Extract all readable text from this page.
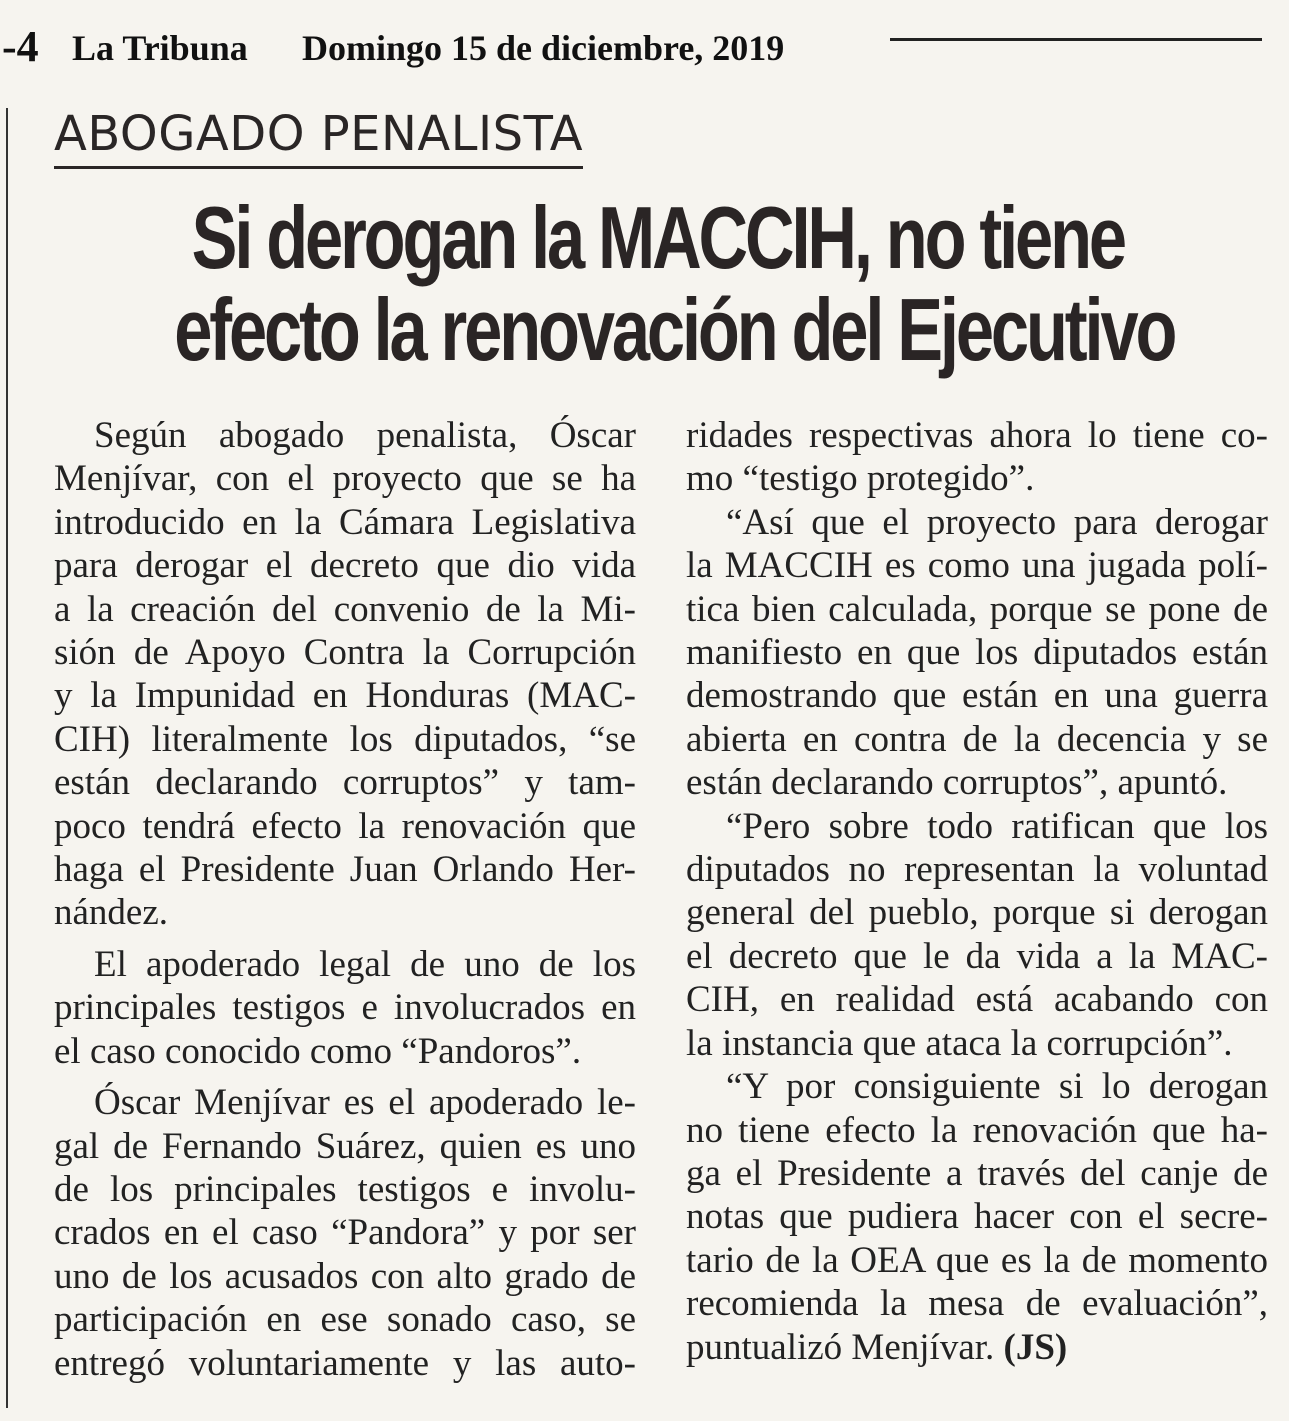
-4 La Tribuna Domingo 15 de diciembre, 2019
ABOGADO PENALISTA
Si derogan la MACCIH, no tiene
efecto la renovación del Ejecutivo
Según abogado penalista, Óscar
Menjívar, con el proyecto que se ha
introducido en la Cámara Legislativa
para derogar el decreto que dio vida
a la creación del convenio de la Mi-
sión de Apoyo Contra la Corrupción
y la Impunidad en Honduras (MAC-
CIH) literalmente los diputados, “se
están declarando corruptos” y tam-
poco tendrá efecto la renovación que
haga el Presidente Juan Orlando Her-
nández.
El apoderado legal de uno de los
principales testigos e involucrados en
el caso conocido como “Pandoros”.
Óscar Menjívar es el apoderado le-
gal de Fernando Suárez, quien es uno
de los principales testigos e involu-
crados en el caso “Pandora” y por ser
uno de los acusados con alto grado de
participación en ese sonado caso, se
entregó voluntariamente y las auto-
ridades respectivas ahora lo tiene co-
mo “testigo protegido”.
“Así que el proyecto para derogar
la MACCIH es como una jugada polí-
tica bien calculada, porque se pone de
manifiesto en que los diputados están
demostrando que están en una guerra
abierta en contra de la decencia y se
están declarando corruptos”, apuntó.
“Pero sobre todo ratifican que los
diputados no representan la voluntad
general del pueblo, porque si derogan
el decreto que le da vida a la MAC-
CIH, en realidad está acabando con
la instancia que ataca la corrupción”.
“Y por consiguiente si lo derogan
no tiene efecto la renovación que ha-
ga el Presidente a través del canje de
notas que pudiera hacer con el secre-
tario de la OEA que es la de momento
recomienda la mesa de evaluación”,
puntualizó Menjívar. (JS)
